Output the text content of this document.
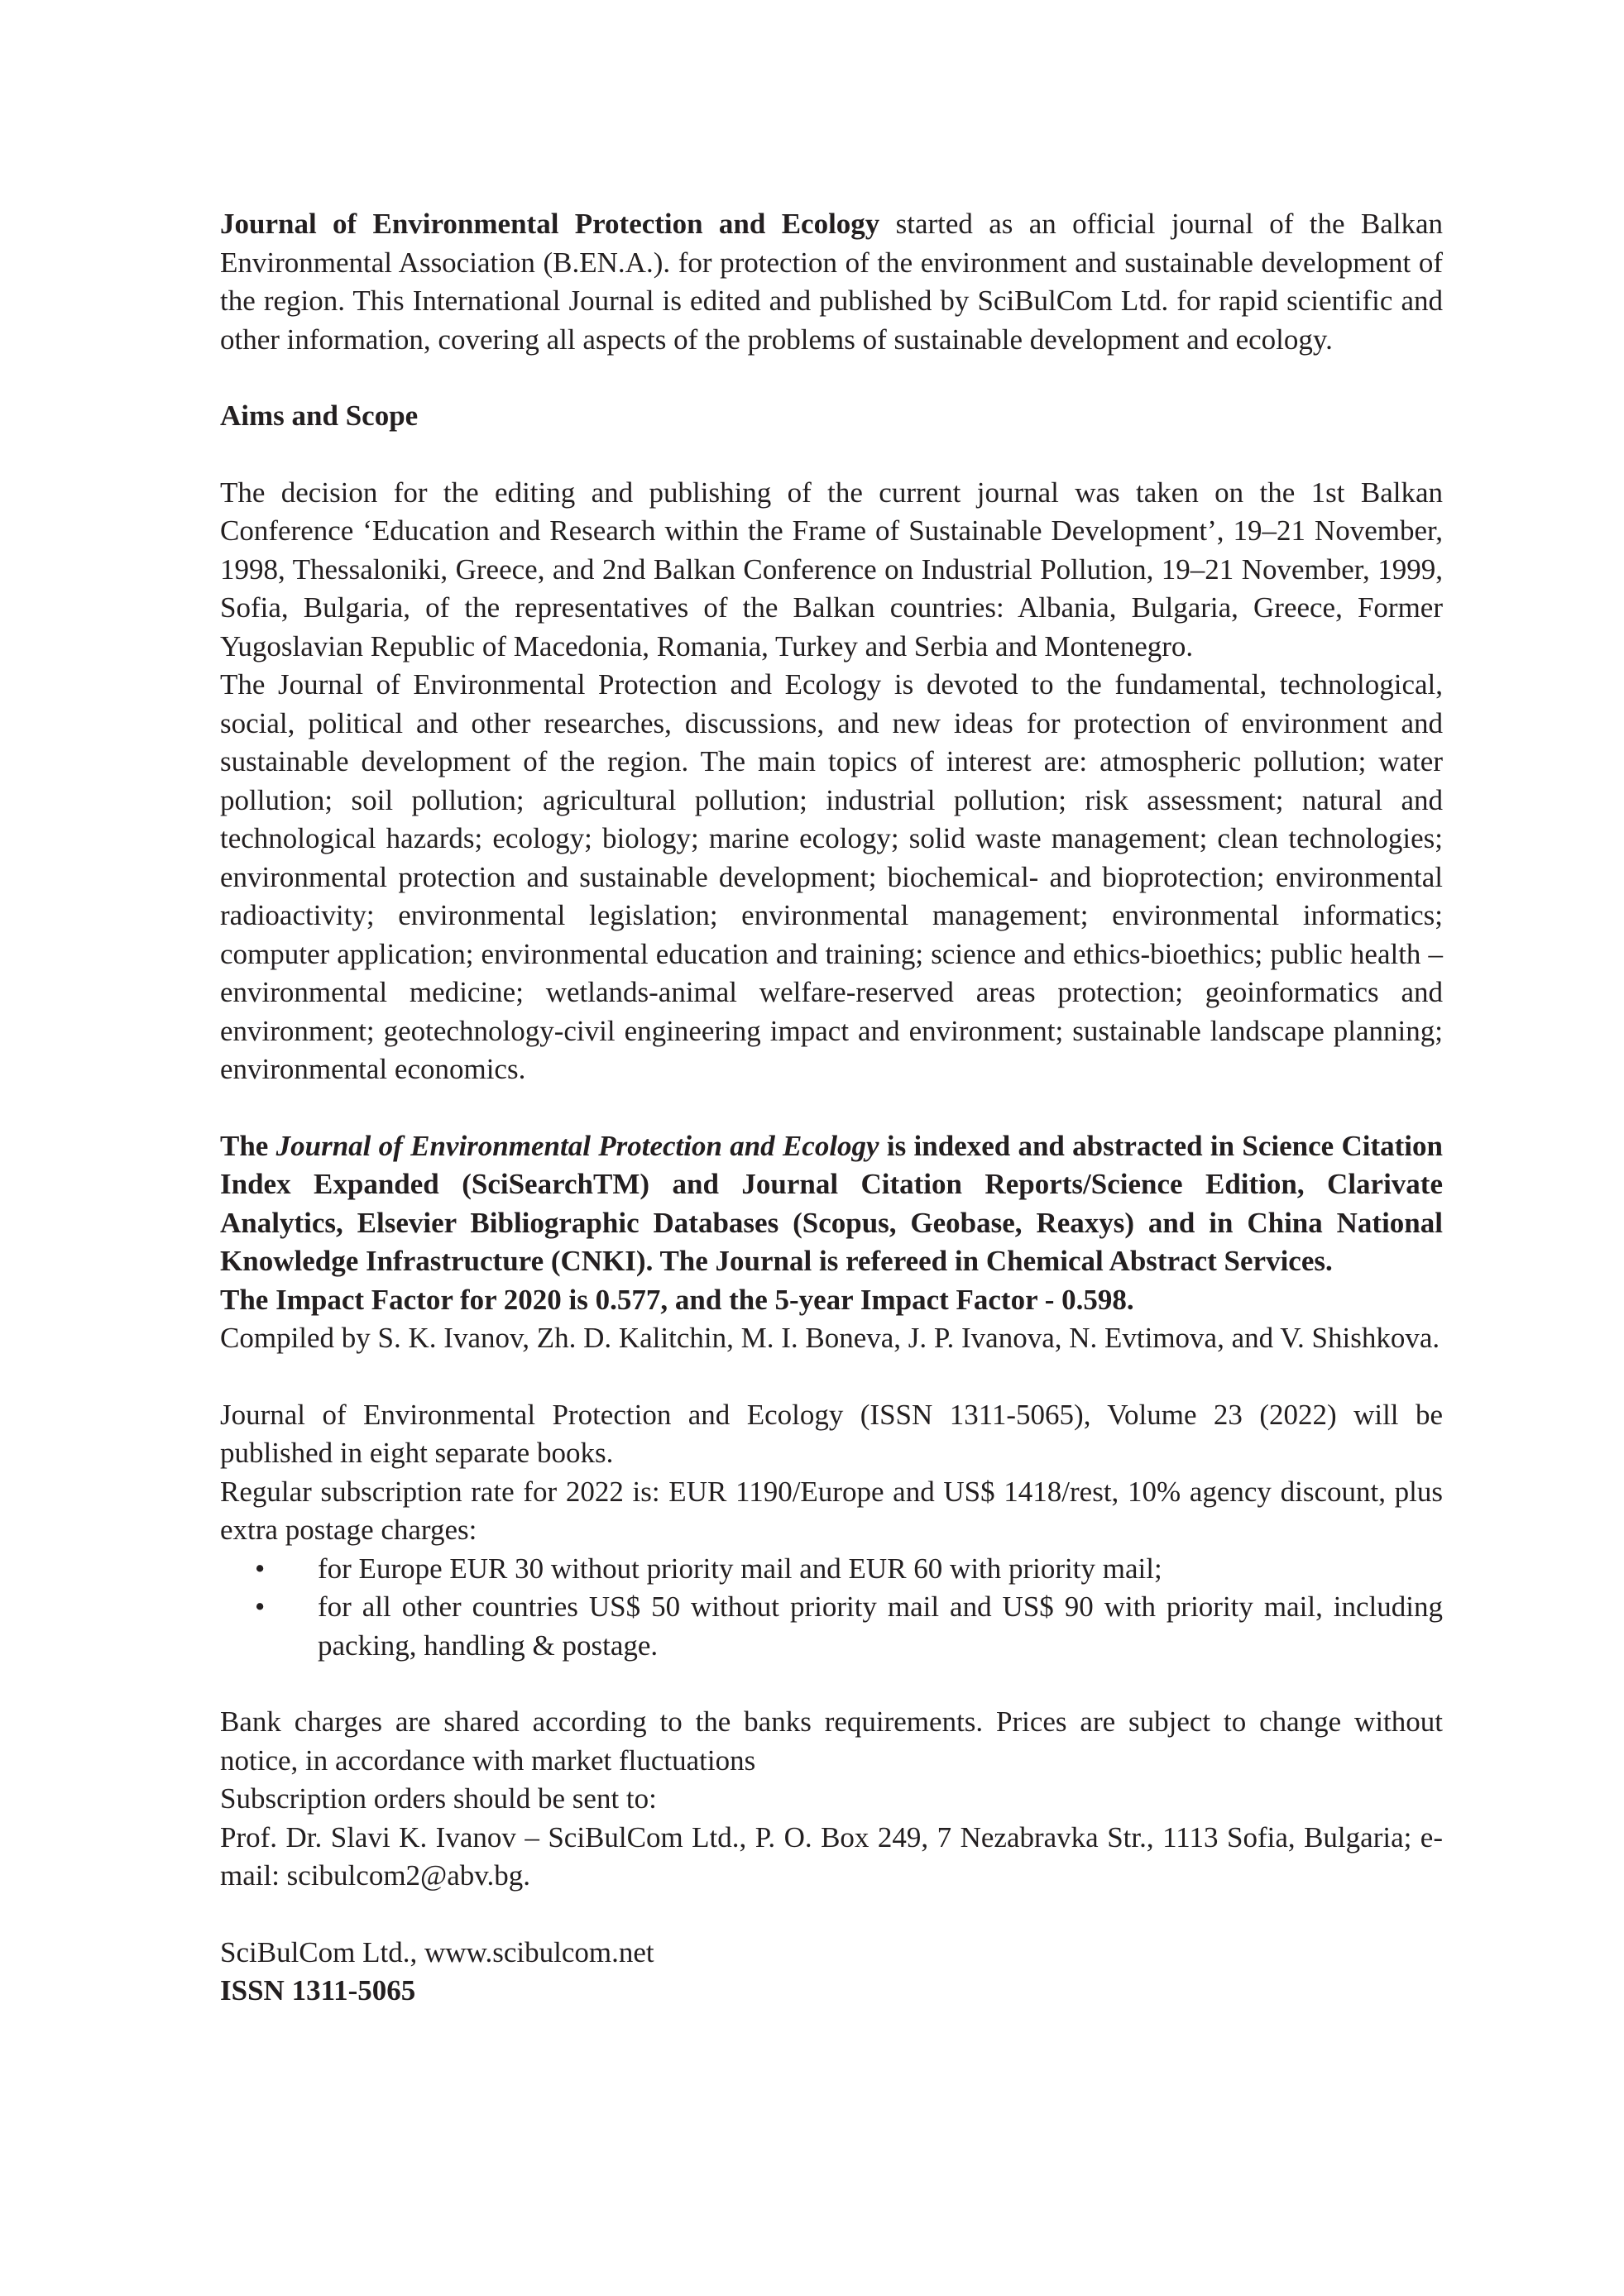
Journal of Environmental Protection and Ecology started as an official journal of the Balkan Environmental Association (B.EN.A.). for protection of the environment and sustainable development of the region. This International Journal is edited and published by SciBulCom Ltd. for rapid scientific and other information, covering all aspects of the problems of sustainable development and ecology.

Aims and Scope

The decision for the editing and publishing of the current journal was taken on the 1st Balkan Conference ‘Education and Research within the Frame of Sustainable Development’, 19–21 November, 1998, Thessaloniki, Greece, and 2nd Balkan Conference on Industrial Pollution, 19–21 November, 1999, Sofia, Bulgaria, of the representatives of the Balkan countries: Albania, Bulgaria, Greece, Former Yugoslavian Republic of Macedonia, Romania, Turkey and Serbia and Montenegro.

The Journal of Environmental Protection and Ecology is devoted to the fundamental, technological, social, political and other researches, discussions, and new ideas for protection of environment and sustainable development of the region. The main topics of interest are: atmospheric pollution; water pollution; soil pollution; agricultural pollution; industrial pollution; risk assessment; natural and technological hazards; ecology; biology; marine ecology; solid waste management; clean technologies; environmental protection and sustainable development; biochemical- and bioprotection; environmental radioactivity; environmental legislation; environmental management; environmental informatics; computer application; environmental education and training; science and ethics-bioethics; public health – environmental medicine; wetlands-animal welfare-reserved areas protection; geoinformatics and environment; geotechnology-civil engineering impact and environment; sustainable landscape planning; environmental economics.

The Journal of Environmental Protection and Ecology is indexed and abstracted in Science Citation Index Expanded (SciSearchTM) and Journal Citation Reports/Science Edition, Clarivate Analytics, Elsevier Bibliographic Databases (Scopus, Geobase, Reaxys) and in China National Knowledge Infrastructure (CNKI). The Journal is refereed in Chemical Abstract Services.

The Impact Factor for 2020 is 0.577, and the 5-year Impact Factor - 0.598.

Compiled by S. K. Ivanov, Zh. D. Kalitchin, M. I. Boneva, J. P. Ivanova, N. Evtimova, and V. Shishkova.

Journal of Environmental Protection and Ecology (ISSN 1311-5065), Volume 23 (2022) will be published in eight separate books.

Regular subscription rate for 2022 is: EUR 1190/Europe and US$ 1418/rest, 10% agency discount, plus extra postage charges:

• for Europe EUR 30 without priority mail and EUR 60 with priority mail;
• for all other countries US$ 50 without priority mail and US$ 90 with priority mail, including packing, handling & postage.

Bank charges are shared according to the banks requirements. Prices are subject to change without notice, in accordance with market fluctuations

Subscription orders should be sent to:

Prof. Dr. Slavi K. Ivanov – SciBulCom Ltd., P. O. Box 249, 7 Nezabravka Str., 1113 Sofia, Bulgaria; e-mail: scibulcom2@abv.bg.

SciBulCom Ltd., www.scibulcom.net

ISSN 1311-5065
